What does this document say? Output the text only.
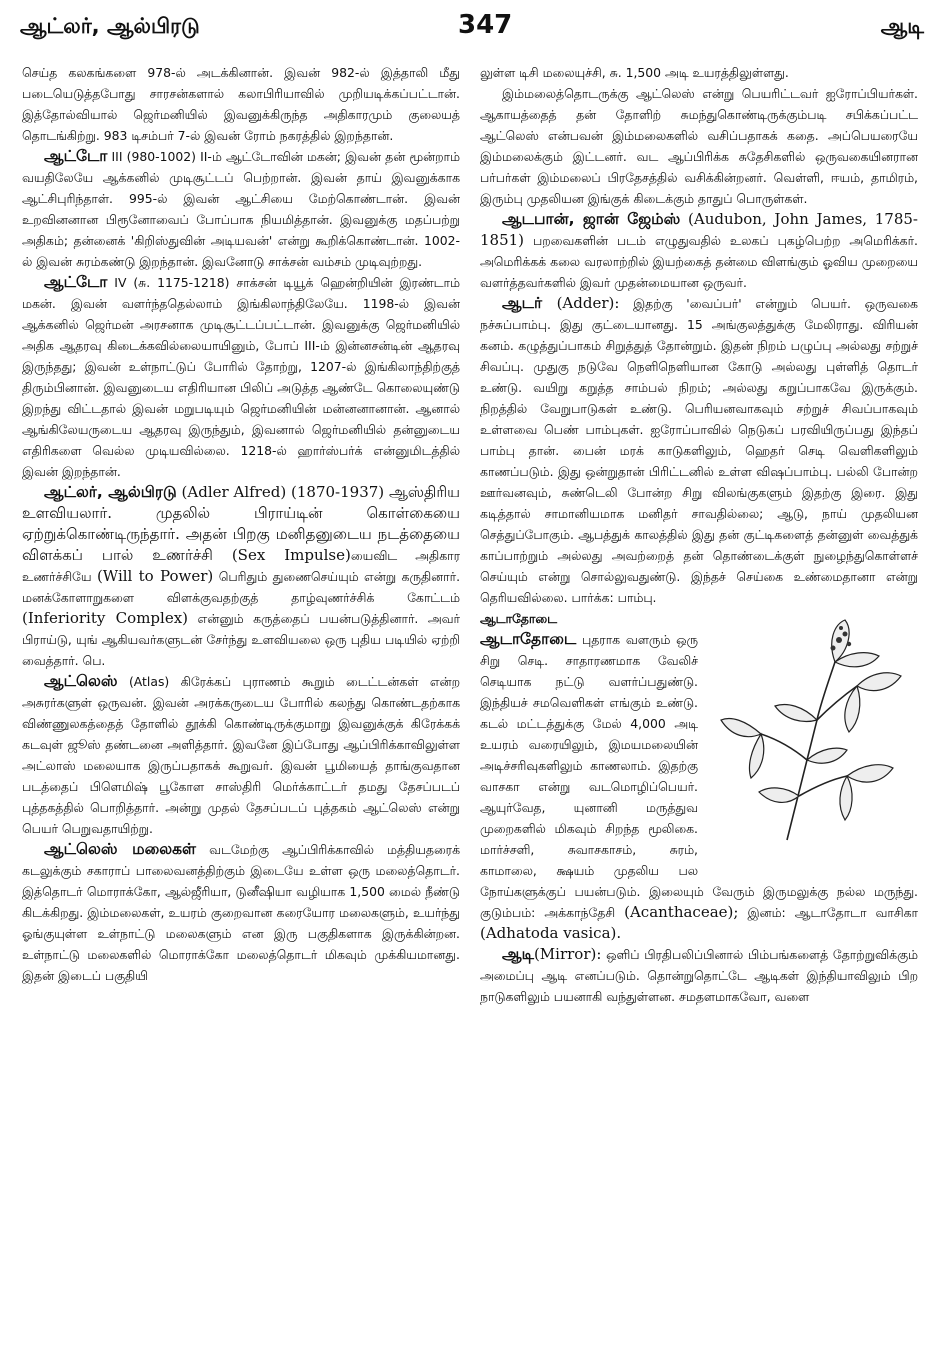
ஆட்லர், ஆல்பிரடு	347	ஆடி

செய்த கலகங்களை 978-ல் அடக்கினான். இவன் 982-ல் இத்தாலி மீது படையெடுத்தபோது சாரசன்களால் கலாபிரியாவில் முறியடிக்கப்பட்டான். இத்தோல்வியால் ஜெர்மனியில் இவனுக்கிருந்த அதிகாரமும் குலையத் தொடங்கிற்று. 983 டிசம்பர் 7-ல் இவன் ரோம் நகரத்தில் இறந்தான்.

ஆட்டோ III (980-1002) II-ம் ஆட்டோவின் மகன்; இவன் தன் மூன்றாம் வயதிலேயே ஆக்கனில் முடிசூட்டப் பெற்றான். இவன் தாய் இவனுக்காக ஆட்சிபுரிந்தாள். 995-ல் இவன் ஆட்சியை மேற்கொண்டான். இவன் உறவினனான பிரூனோவைப் போப்பாக நியமித்தான். இவனுக்கு மதப்பற்று அதிகம்; தன்னைக் 'கிறிஸ்துவின் அடியவன்' என்று கூறிக்கொண்டான். 1002-ல் இவன் சுரம்கண்டு இறந்தான். இவனோடு சாக்சன் வம்சம் முடிவுற்றது.

ஆட்டோ IV (சு. 1175-1218) சாக்சன் டியூக் ஹென்றியின் இரண்டாம் மகன். இவன் வளர்ந்ததெல்லாம் இங்கிலாந்திலேயே. 1198-ல் இவன் ஆக்கனில் ஜெர்மன் அரசனாக முடிசூட்டப்பட்டான். இவனுக்கு ஜெர்மனியில் அதிக ஆதரவு கிடைக்கவில்லையாயினும், போப் III-ம் இன்னசன்டின் ஆதரவு இருந்தது; இவன் உள்நாட்டுப் போரில் தோற்று, 1207-ல் இங்கிலாந்திற்குத் திரும்பினான். இவனுடைய எதிரியான பிலிப் அடுத்த ஆண்டே கொலையுண்டு இறந்து விட்டதால் இவன் மறுபடியும் ஜெர்மனியின் மன்னனானான். ஆனால் ஆங்கிலேயருடைய ஆதரவு இருந்தும், இவனால் ஜெர்மனியில் தன்னுடைய எதிரிகளை வெல்ல முடியவில்லை. 1218-ல் ஹார்ஸ்பர்க் என்னுமிடத்தில் இவன் இறந்தான்.

ஆட்லர், ஆல்பிரடு (Adler Alfred) (1870-1937) ஆஸ்திரிய உளவியலார். முதலில் பிராய்டின் கொள்கையை ஏற்றுக்கொண்டிருந்தார். அதன் பிறகு மனிதனுடைய நடத்தையை விளக்கப் பால் உணர்ச்சி (Sex Impulse)யைவிட அதிகார உணர்ச்சியே (Will to Power) பெரிதும் துணைசெய்யும் என்று கருதினார். மனக்கோளாறுகளை விளக்குவதற்குத் தாழ்வுணர்ச்சிக் கோட்டம் (Inferiority Complex) என்னும் கருத்தைப் பயன்படுத்தினார். அவர் பிராய்டு, யுங் ஆகியவர்களுடன் சேர்ந்து உளவியலை ஒரு புதிய படியில் ஏற்றி வைத்தார். பெ.

ஆட்லெஸ் (Atlas) கிரேக்கப் புராணம் கூறும் டைட்டன்கள் என்ற அசுரர்களுள் ஒருவன். இவன் அரக்கருடைய போரில் கலந்து கொண்டதற்காக விண்ணுலகத்தைத் தோளில் தூக்கி கொண்டிருக்குமாறு இவனுக்குக் கிரேக்கக் கடவுள் ஜூஸ் தண்டனை அளித்தார். இவனே இப்போது ஆப்பிரிக்காவிலுள்ள அட்லாஸ் மலையாக இருப்பதாகக் கூறுவர். இவன் பூமியைத் தாங்குவதான படத்தைப் பிளெமிஷ் பூகோள சாஸ்திரி மெர்க்காட்டர் தமது தேசப்படப் புத்தகத்தில் பொறித்தார். அன்று முதல் தேசப்படப் புத்தகம் ஆட்லெஸ் என்று பெயர் பெறுவதாயிற்று.

ஆட்லெஸ் மலைகள் வடமேற்கு ஆப்பிரிக்காவில் மத்தியதரைக் கடலுக்கும் சகாராப் பாலைவனத்திற்கும் இடையே உள்ள ஒரு மலைத்தொடர். இத்தொடர் மொராக்கோ, ஆல்ஜீரியா, டுனீஷியா வழியாக 1,500 மைல் நீண்டு கிடக்கிறது. இம்மலைகள், உயரம் குறைவான கரையோர மலைகளும், உயர்ந்து ஓங்குயுள்ள உள்நாட்டு மலைகளும் என இரு பகுதிகளாக இருக்கின்றன. உள்நாட்டு மலைகளில் மொராக்கோ மலைத்தொடர் மிகவும் முக்கியமானது. இதன் இடைப் பகுதியி

லுள்ள டிசி மலையுச்சி, சு. 1,500 அடி உயரத்திலுள்ளது.

இம்மலைத்தொடருக்கு ஆட்லெஸ் என்று பெயரிட்டவர் ஐரோப்பியர்கள். ஆகாயத்தைத் தன் தோளிற் சுமந்துகொண்டிருக்கும்படி சபிக்கப்பட்ட ஆட்லெஸ் என்பவன் இம்மலைகளில் வசிப்பதாகக் கதை. அப்பெயரையே இம்மலைக்கும் இட்டனர். வட ஆப்பிரிக்க சுதேசிகளில் ஒருவகையினரான பர்பர்கள் இம்மலைப் பிரதேசத்தில் வசிக்கின்றனர். வெள்ளி, ஈயம், தாமிரம், இரும்பு முதலியன இங்குக் கிடைக்கும் தாதுப் பொருள்கள்.

ஆடபான், ஜான் ஜேம்ஸ் (Audubon, John James, 1785-1851) பறவைகளின் படம் எழுதுவதில் உலகப் புகழ்பெற்ற அமெரிக்கர். அமெரிக்கக் கலை வரலாற்றில் இயற்கைத் தன்மை விளங்கும் ஓவிய முறையை வளர்த்தவர்களில் இவர் முதன்மையான ஒருவர்.

ஆடர் (Adder): இதற்கு 'வைப்பர்' என்றும் பெயர். ஒருவகை நச்சுப்பாம்பு. இது குட்டையானது. 15 அங்குலத்துக்கு மேலிராது. விரியன் கனம். கழுத்துப்பாகம் சிறுத்துத் தோன்றும். இதன் நிறம் பழுப்பு அல்லது சற்றுச் சிவப்பு. முதுகு நடுவே நெளிநெளியான கோடு அல்லது புள்ளித் தொடர் உண்டு. வயிறு கறுத்த சாம்பல் நிறம்; அல்லது கறுப்பாகவே இருக்கும். நிறத்தில் வேறுபாடுகள் உண்டு. பெரியனவாகவும் சற்றுச் சிவப்பாகவும் உள்ளவை பெண் பாம்புகள். ஐரோப்பாவில் நெடுகப் பரவியிருப்பது இந்தப் பாம்பு தான். பைன் மரக் காடுகளிலும், ஹெதர் செடி வெளிகளிலும் காணப்படும். இது ஒன்றுதான் பிரிட்டனில் உள்ள விஷப்பாம்பு. பல்லி போன்ற ஊர்வனவும், சுண்டெலி போன்ற சிறு விலங்குகளும் இதற்கு இரை. இது கடித்தால் சாமானியமாக மனிதர் சாவதில்லை; ஆடு, நாய் முதலியன செத்துப்போகும். ஆபத்துக் காலத்தில் இது தன் குட்டிகளைத் தன்னுள் வைத்துக் காப்பாற்றும் அல்லது அவற்றைத் தன் தொண்டைக்குள் நுழைந்துகொள்ளச் செய்யும் என்று சொல்லுவதுண்டு. இந்தச் செய்கை உண்மைதானா என்று தெரியவில்லை. பார்க்க: பாம்பு.

ஆடாதோடை
ஆடாதோடை புதராக வளரும் ஒரு சிறு செடி. சாதாரணமாக வேலிச் செடியாக நட்டு வளர்ப்பதுண்டு. இந்தியச் சமவெளிகள் எங்கும் உண்டு. கடல் மட்டத்துக்கு மேல் 4,000 அடி உயரம் வரையிலும், இமயமலையின் அடிச்சரிவுகளிலும் காணலாம். இதற்கு வாசகா என்று வடமொழிப்பெயர். ஆயுர்வேத, யுனானி மருத்துவ முறைகளில் மிகவும் சிறந்த மூலிகை. மார்ச்சளி, சுவாசகாசம், சுரம், காமாலை, க்ஷயம் முதலிய பல நோய்களுக்குப் பயன்படும். இலையும் வேரும் இருமலுக்கு நல்ல மருந்து. குடும்பம்: அக்காந்தேசி (Acanthaceae); இனம்: ஆடாதோடா வாசிகா (Adhatoda vasica).

ஆடி(Mirror): ஒளிப் பிரதிபலிப்பினால் பிம்பங்களைத் தோற்றுவிக்கும் அமைப்பு ஆடி எனப்படும். தொன்றுதொட்டே ஆடிகள் இந்தியாவிலும் பிற நாடுகளிலும் பயனாகி வந்துள்ளன. சமதளமாகவோ, வளை
